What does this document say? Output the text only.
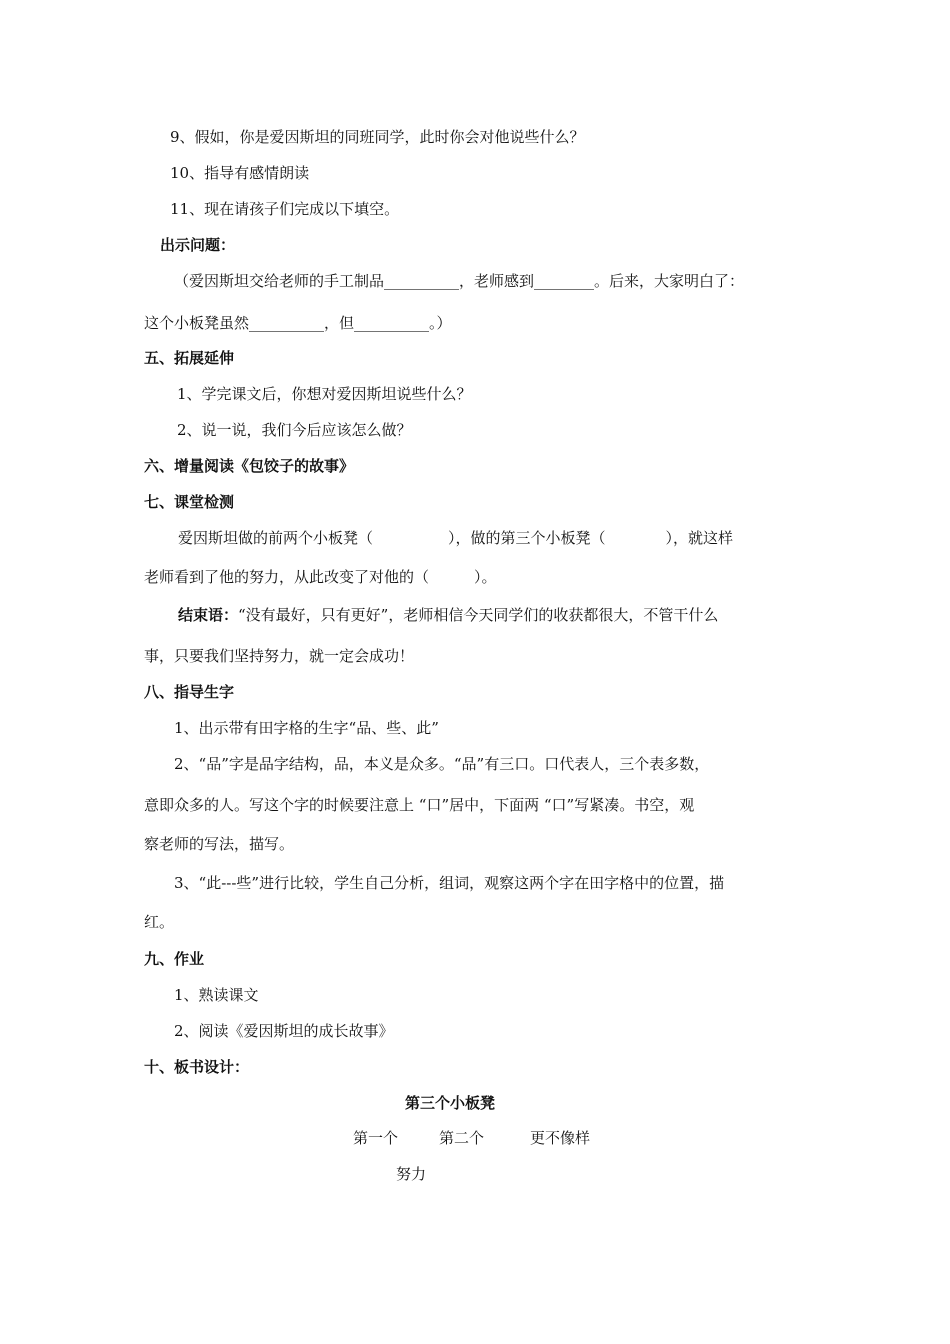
9、假如，你是爱因斯坦的同班同学，此时你会对他说些什么？
10、指导有感情朗读
11、现在请孩子们完成以下填空。
出示问题：
（爱因斯坦交给老师的手工制品__________，老师感到________。后来，大家明白了：
这个小板凳虽然__________，但__________。）
五、拓展延伸
1、学完课文后，你想对爱因斯坦说些什么？
2、说一说，我们今后应该怎么做？
六、增量阅读《包饺子的故事》
七、课堂检测
爱因斯坦做的前两个小板凳（　　　　　），做的第三个小板凳（　　　　），就这样
老师看到了他的努力，从此改变了对他的（　　　）。
结束语：“没有最好，只有更好”，老师相信今天同学们的收获都很大，不管干什么
事，只要我们坚持努力，就一定会成功！
八、指导生字
1、出示带有田字格的生字“品、些、此”
2、“品”字是品字结构，品，本义是众多。“品”有三口。口代表人，三个表多数，
意即众多的人。写这个字的时候要注意上 “口”居中，下面两 “口”写紧凑。书空，观
察老师的写法，描写。
3、“此---些”进行比较，学生自己分析，组词，观察这两个字在田字格中的位置，描
红。
九、作业
1、熟读课文
2、阅读《爱因斯坦的成长故事》
十、板书设计：
第三个小板凳
第一个	第二个	更不像样
努力
